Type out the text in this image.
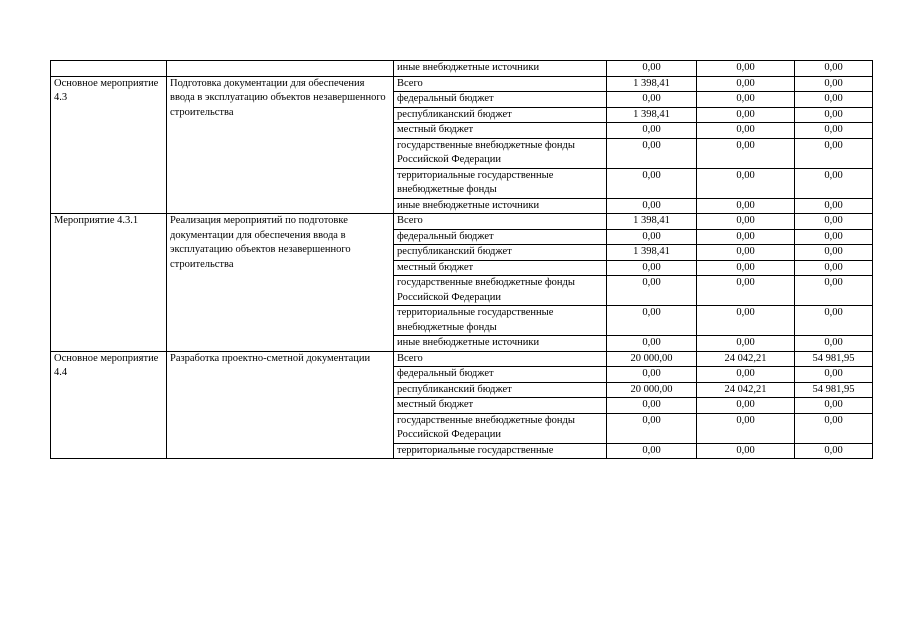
		иные внебюджетные источники	0,00	0,00	0,00
Основное мероприятие 4.3	Подготовка документации для обеспечения ввода в эксплуатацию объектов незавершенного строительства	Всего	1 398,41	0,00	0,00
		федеральный бюджет	0,00	0,00	0,00
		республиканский бюджет	1 398,41	0,00	0,00
		местный бюджет	0,00	0,00	0,00
		государственные внебюджетные фонды Российской Федерации	0,00	0,00	0,00
		территориальные государственные внебюджетные фонды	0,00	0,00	0,00
		иные внебюджетные источники	0,00	0,00	0,00
Мероприятие 4.3.1	Реализация мероприятий по подготовке документации для обеспечения ввода в эксплуатацию объектов незавершенного строительства	Всего	1 398,41	0,00	0,00
		федеральный бюджет	0,00	0,00	0,00
		республиканский бюджет	1 398,41	0,00	0,00
		местный бюджет	0,00	0,00	0,00
		государственные внебюджетные фонды Российской Федерации	0,00	0,00	0,00
		территориальные государственные внебюджетные фонды	0,00	0,00	0,00
		иные внебюджетные источники	0,00	0,00	0,00
Основное мероприятие 4.4	Разработка проектно-сметной документации	Всего	20 000,00	24 042,21	54 981,95
		федеральный бюджет	0,00	0,00	0,00
		республиканский бюджет	20 000,00	24 042,21	54 981,95
		местный бюджет	0,00	0,00	0,00
		государственные внебюджетные фонды Российской Федерации	0,00	0,00	0,00
		территориальные государственные	0,00	0,00	0,00
